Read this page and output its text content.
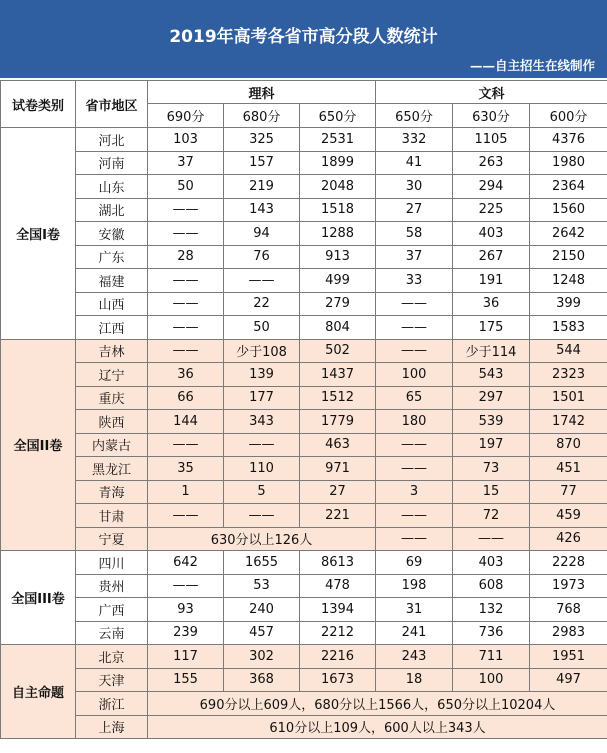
2019年高考各省市高分段人数统计
——自主招生在线制作
试卷类别	省市地区	理科			文科		
		690分	680分	650分	650分	630分	600分
全国I卷	河北	103	325	2531	332	1105	4376
	河南	37	157	1899	41	263	1980
	山东	50	219	2048	30	294	2364
	湖北	——	143	1518	27	225	1560
	安徽	——	94	1288	58	403	2642
	广东	28	76	913	37	267	2150
	福建	——	——	499	33	191	1248
	山西	——	22	279	——	36	399
	江西	——	50	804	——	175	1583
全国II卷	吉林	——	少于108	502	——	少于114	544
	辽宁	36	139	1437	100	543	2323
	重庆	66	177	1512	65	297	1501
	陕西	144	343	1779	180	539	1742
	内蒙古	——	——	463	——	197	870
	黑龙江	35	110	971	——	73	451
	青海	1	5	27	3	15	77
	甘肃	——	——	221	——	72	459
	宁夏	630分以上126人			——	——	426
全国III卷	四川	642	1655	8613	69	403	2228
	贵州	——	53	478	198	608	1973
	广西	93	240	1394	31	132	768
	云南	239	457	2212	241	736	2983
自主命题	北京	117	302	2216	243	711	1951
	天津	155	368	1673	18	100	497
	浙江	690分以上609人，680分以上1566人，650分以上10204人					
	上海	610分以上109人，600人以上343人					
